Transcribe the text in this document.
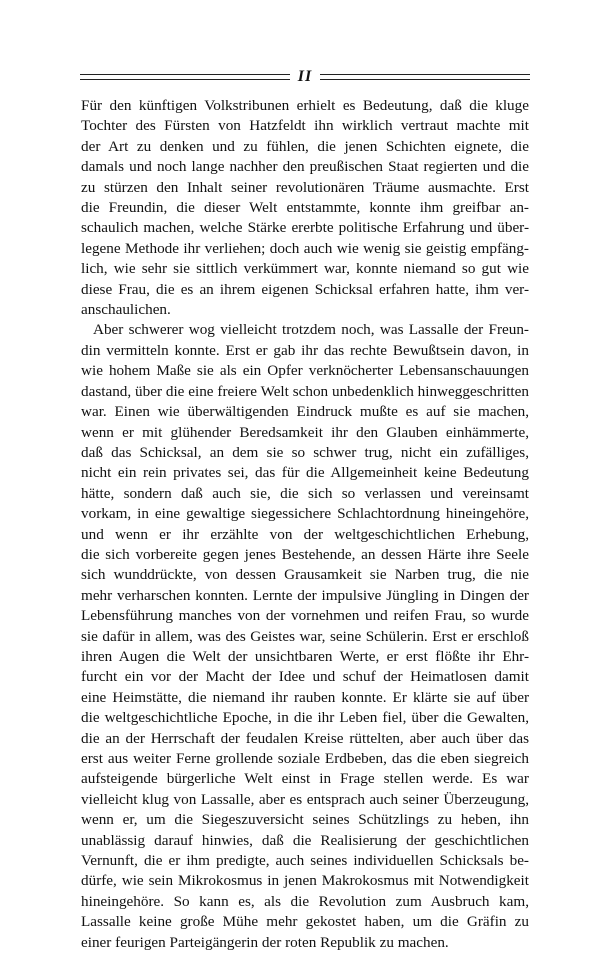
II
Für den künftigen Volkstribunen erhielt es Bedeutung, daß die kluge
Tochter des Fürsten von Hatzfeldt ihn wirklich vertraut machte mit
der Art zu denken und zu fühlen, die jenen Schichten eignete, die
damals und noch lange nachher den preußischen Staat regierten und die
zu stürzen den Inhalt seiner revolutionären Träume ausmachte. Erst
die Freundin, die dieser Welt entstammte, konnte ihm greifbar an-
schaulich machen, welche Stärke ererbte politische Erfahrung und über-
legene Methode ihr verliehen; doch auch wie wenig sie geistig empfäng-
lich, wie sehr sie sittlich verkümmert war, konnte niemand so gut wie
diese Frau, die es an ihrem eigenen Schicksal erfahren hatte, ihm ver-
anschaulichen.
Aber schwerer wog vielleicht trotzdem noch, was Lassalle der Freun-
din vermitteln konnte. Erst er gab ihr das rechte Bewußtsein davon, in
wie hohem Maße sie als ein Opfer verknöcherter Lebensanschauungen
dastand, über die eine freiere Welt schon unbedenklich hinweggeschritten
war. Einen wie überwältigenden Eindruck mußte es auf sie machen,
wenn er mit glühender Beredsamkeit ihr den Glauben einhämmerte,
daß das Schicksal, an dem sie so schwer trug, nicht ein zufälliges,
nicht ein rein privates sei, das für die Allgemeinheit keine Bedeutung
hätte, sondern daß auch sie, die sich so verlassen und vereinsamt
vorkam, in eine gewaltige siegessichere Schlachtordnung hineingehöre,
und wenn er ihr erzählte von der weltgeschichtlichen Erhebung,
die sich vorbereite gegen jenes Bestehende, an dessen Härte ihre Seele
sich wunddrückte, von dessen Grausamkeit sie Narben trug, die nie
mehr verharschen konnten. Lernte der impulsive Jüngling in Dingen der
Lebensführung manches von der vornehmen und reifen Frau, so wurde
sie dafür in allem, was des Geistes war, seine Schülerin. Erst er erschloß
ihren Augen die Welt der unsichtbaren Werte, er erst flößte ihr Ehr-
furcht ein vor der Macht der Idee und schuf der Heimatlosen damit
eine Heimstätte, die niemand ihr rauben konnte. Er klärte sie auf über
die weltgeschichtliche Epoche, in die ihr Leben fiel, über die Gewalten,
die an der Herrschaft der feudalen Kreise rüttelten, aber auch über das
erst aus weiter Ferne grollende soziale Erdbeben, das die eben siegreich
aufsteigende bürgerliche Welt einst in Frage stellen werde. Es war
vielleicht klug von Lassalle, aber es entsprach auch seiner Überzeugung,
wenn er, um die Siegeszuversicht seines Schützlings zu heben, ihn
unablässig darauf hinwies, daß die Realisierung der geschichtlichen
Vernunft, die er ihm predigte, auch seines individuellen Schicksals be-
dürfe, wie sein Mikrokosmus in jenen Makrokosmus mit Notwendigkeit
hineingehöre. So kann es, als die Revolution zum Ausbruch kam,
Lassalle keine große Mühe mehr gekostet haben, um die Gräfin zu
einer feurigen Parteigängerin der roten Republik zu machen.
